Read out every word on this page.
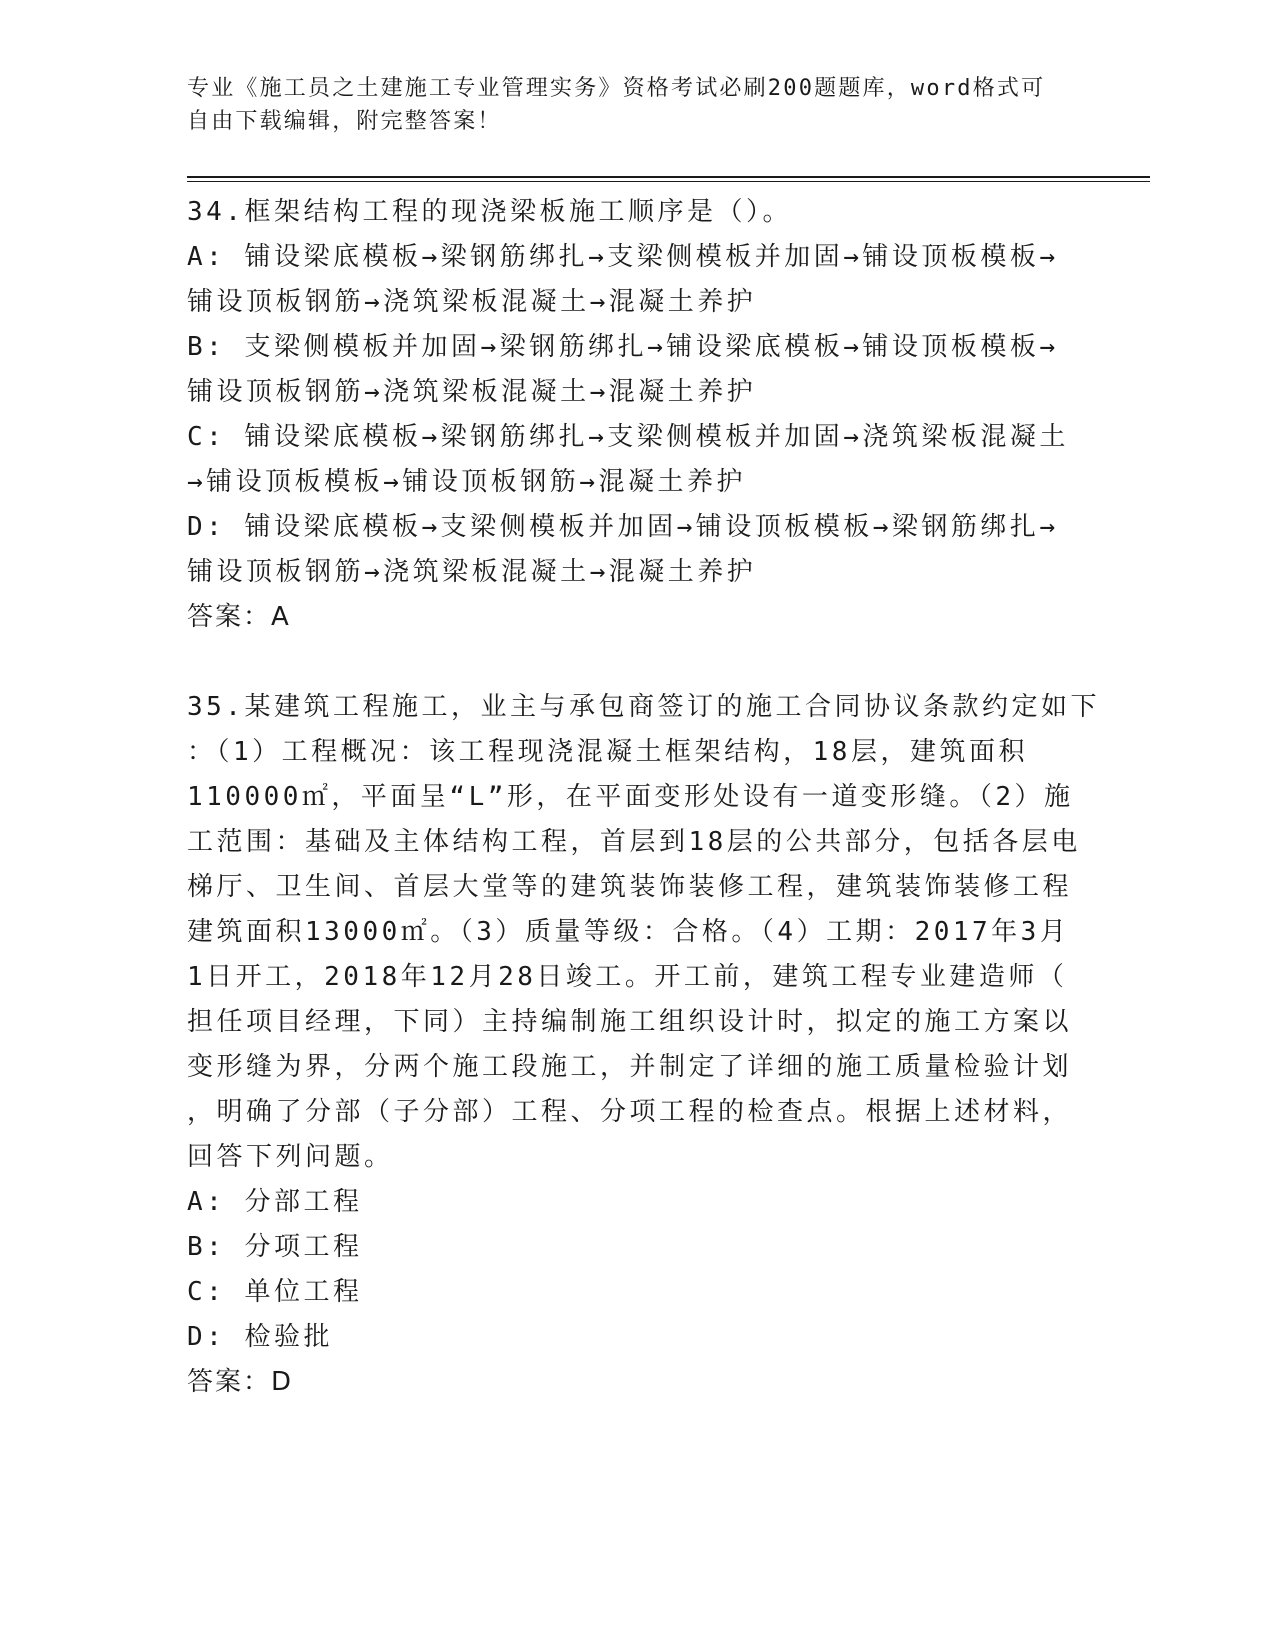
专业《施工员之土建施工专业管理实务》资格考试必刷200题题库，word格式可
自由下载编辑，附完整答案！
34.框架结构工程的现浇梁板施工顺序是（）。
A: 铺设梁底模板→梁钢筋绑扎→支梁侧模板并加固→铺设顶板模板→
铺设顶板钢筋→浇筑梁板混凝土→混凝土养护
B: 支梁侧模板并加固→梁钢筋绑扎→铺设梁底模板→铺设顶板模板→
铺设顶板钢筋→浇筑梁板混凝土→混凝土养护
C: 铺设梁底模板→梁钢筋绑扎→支梁侧模板并加固→浇筑梁板混凝土
→铺设顶板模板→铺设顶板钢筋→混凝土养护
D: 铺设梁底模板→支梁侧模板并加固→铺设顶板模板→梁钢筋绑扎→
铺设顶板钢筋→浇筑梁板混凝土→混凝土养护
答案：A
35.某建筑工程施工，业主与承包商签订的施工合同协议条款约定如下
：（1）工程概况：该工程现浇混凝土框架结构，18层，建筑面积
110000㎡，平面呈“L”形，在平面变形处设有一道变形缝。（2）施
工范围：基础及主体结构工程，首层到18层的公共部分，包括各层电
梯厅、卫生间、首层大堂等的建筑装饰装修工程，建筑装饰装修工程
建筑面积13000㎡。（3）质量等级：合格。（4）工期：2017年3月
1日开工，2018年12月28日竣工。开工前，建筑工程专业建造师（
担任项目经理，下同）主持编制施工组织设计时，拟定的施工方案以
变形缝为界，分两个施工段施工，并制定了详细的施工质量检验计划
，明确了分部（子分部）工程、分项工程的检查点。根据上述材料，
回答下列问题。
A: 分部工程
B: 分项工程
C: 单位工程
D: 检验批
答案：D
